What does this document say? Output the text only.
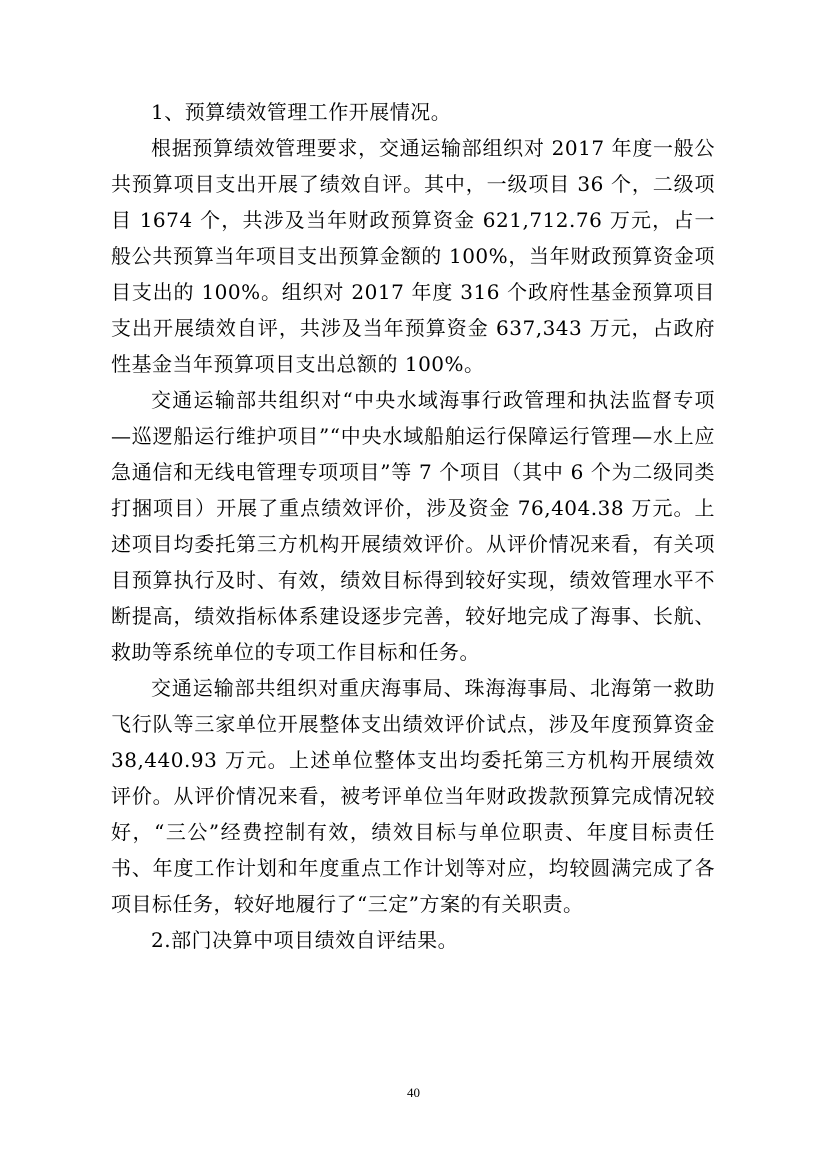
1、预算绩效管理工作开展情况。

根据预算绩效管理要求，交通运输部组织对 2017 年度一般公共预算项目支出开展了绩效自评。其中，一级项目 36 个，二级项目 1674 个，共涉及当年财政预算资金 621,712.76 万元，占一般公共预算当年项目支出预算金额的 100%，当年财政预算资金项目支出的 100%。组织对 2017 年度 316 个政府性基金预算项目支出开展绩效自评，共涉及当年预算资金 637,343 万元，占政府性基金当年预算项目支出总额的 100%。

交通运输部共组织对“中央水域海事行政管理和执法监督专项—巡逻船运行维护项目”“中央水域船舶运行保障运行管理—水上应急通信和无线电管理专项项目”等 7 个项目（其中 6 个为二级同类打捆项目）开展了重点绩效评价，涉及资金 76,404.38 万元。上述项目均委托第三方机构开展绩效评价。从评价情况来看，有关项目预算执行及时、有效，绩效目标得到较好实现，绩效管理水平不断提高，绩效指标体系建设逐步完善，较好地完成了海事、长航、救助等系统单位的专项工作目标和任务。

交通运输部共组织对重庆海事局、珠海海事局、北海第一救助飞行队等三家单位开展整体支出绩效评价试点，涉及年度预算资金 38,440.93 万元。上述单位整体支出均委托第三方机构开展绩效评价。从评价情况来看，被考评单位当年财政拨款预算完成情况较好，“三公”经费控制有效，绩效目标与单位职责、年度目标责任书、年度工作计划和年度重点工作计划等对应，均较圆满完成了各项目标任务，较好地履行了“三定”方案的有关职责。

2.部门决算中项目绩效自评结果。

40
